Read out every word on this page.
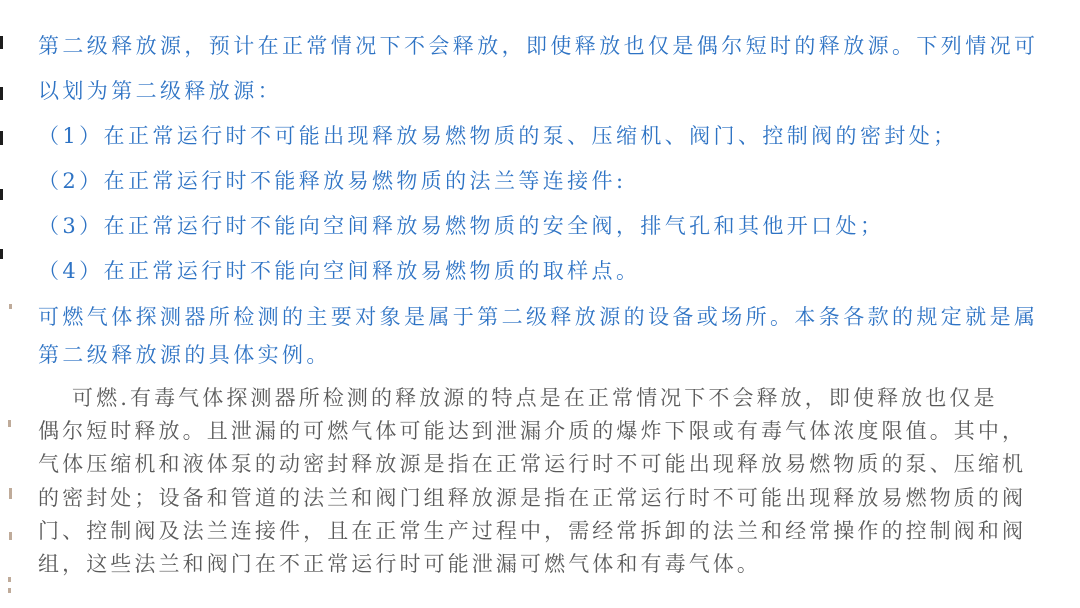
第二级释放源，预计在正常情况下不会释放，即使释放也仅是偶尔短时的释放源。下列情况可
以划为第二级释放源：
（1）在正常运行时不可能出现释放易燃物质的泵、压缩机、阀门、控制阀的密封处；
（2）在正常运行时不能释放易燃物质的法兰等连接件:
（3）在正常运行时不能向空间释放易燃物质的安全阀，排气孔和其他开口处；
（4）在正常运行时不能向空间释放易燃物质的取样点。
可燃气体探测器所检测的主要对象是属于第二级释放源的设备或场所。本条各款的规定就是属
第二级释放源的具体实例。
可燃.有毒气体探测器所检测的释放源的特点是在正常情况下不会释放，即使释放也仅是
偶尔短时释放。且泄漏的可燃气体可能达到泄漏介质的爆炸下限或有毒气体浓度限值。其中，
气体压缩机和液体泵的动密封释放源是指在正常运行时不可能出现释放易燃物质的泵、压缩机
的密封处；设备和管道的法兰和阀门组释放源是指在正常运行时不可能出现释放易燃物质的阀
门、控制阀及法兰连接件，且在正常生产过程中，需经常拆卸的法兰和经常操作的控制阀和阀
组，这些法兰和阀门在不正常运行时可能泄漏可燃气体和有毒气体。
